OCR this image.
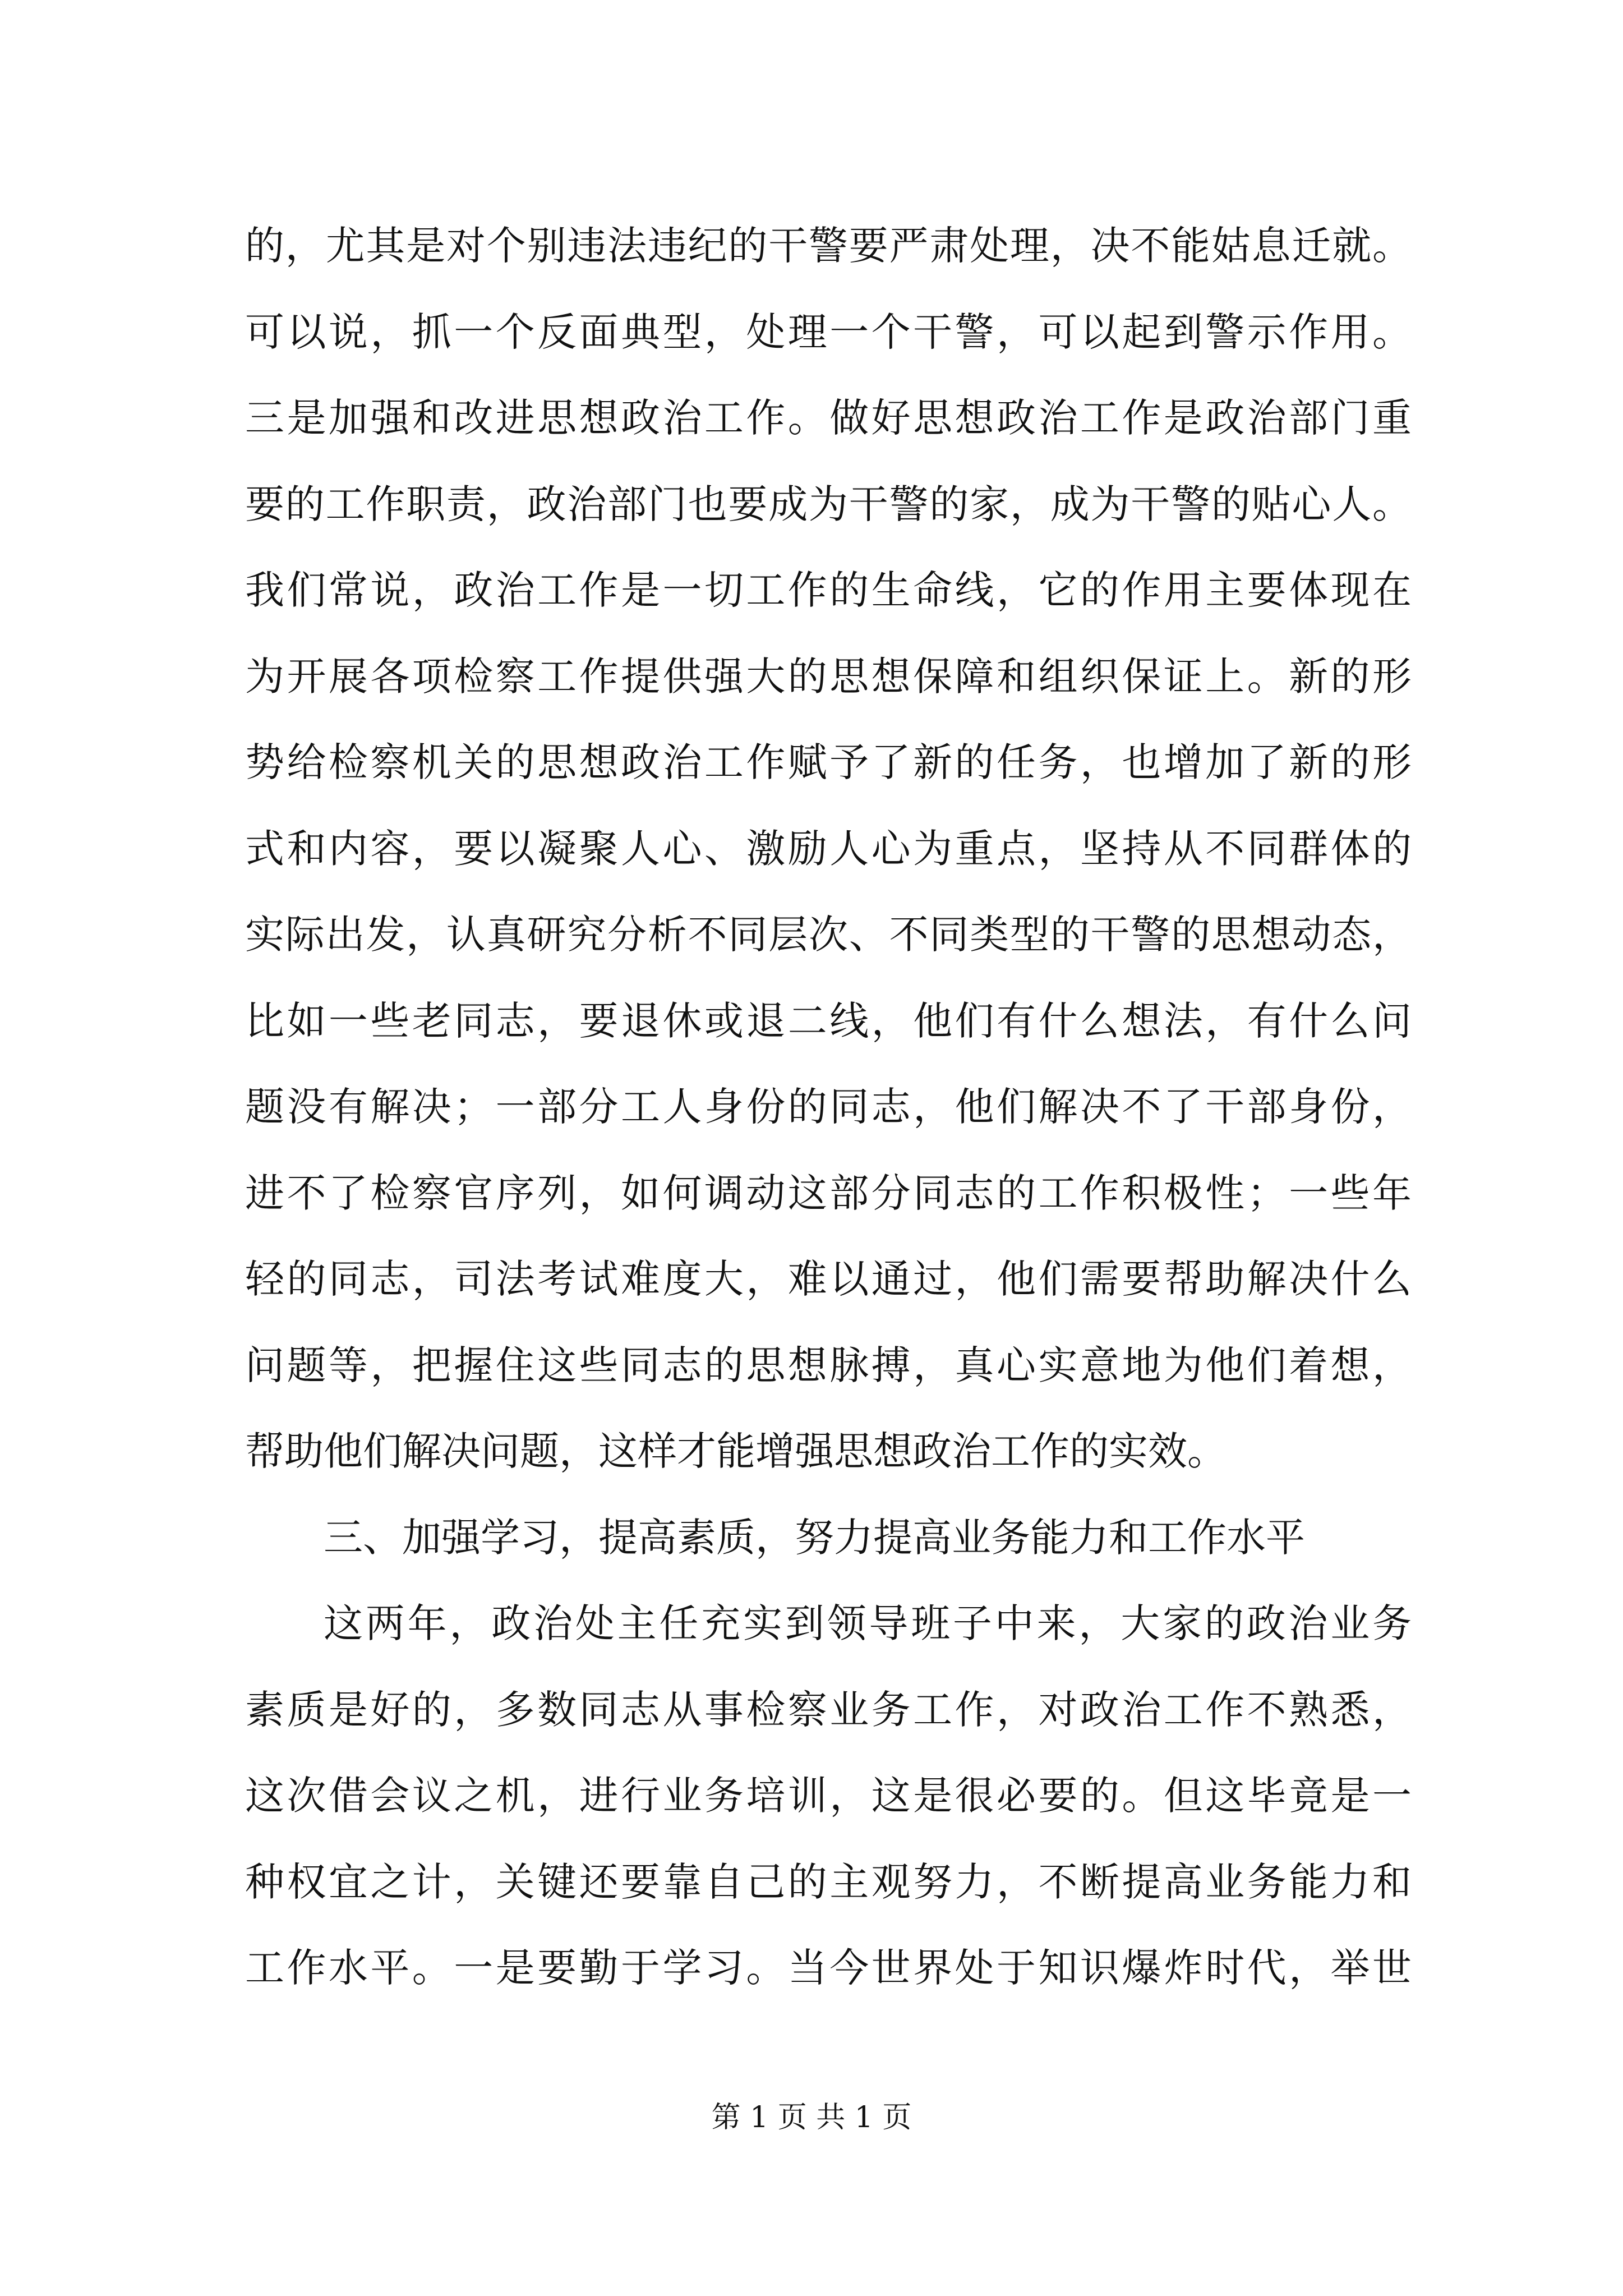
的，尤其是对个别违法违纪的干警要严肃处理，决不能姑息迁就。
可以说，抓一个反面典型，处理一个干警，可以起到警示作用。
三是加强和改进思想政治工作。做好思想政治工作是政治部门重
要的工作职责，政治部门也要成为干警的家，成为干警的贴心人。
我们常说，政治工作是一切工作的生命线，它的作用主要体现在
为开展各项检察工作提供强大的思想保障和组织保证上。新的形
势给检察机关的思想政治工作赋予了新的任务，也增加了新的形
式和内容，要以凝聚人心、激励人心为重点，坚持从不同群体的
实际出发，认真研究分析不同层次、不同类型的干警的思想动态，
比如一些老同志，要退休或退二线，他们有什么想法，有什么问
题没有解决；一部分工人身份的同志，他们解决不了干部身份，
进不了检察官序列，如何调动这部分同志的工作积极性；一些年
轻的同志，司法考试难度大，难以通过，他们需要帮助解决什么
问题等，把握住这些同志的思想脉搏，真心实意地为他们着想，
帮助他们解决问题，这样才能增强思想政治工作的实效。
三、加强学习，提高素质，努力提高业务能力和工作水平
这两年，政治处主任充实到领导班子中来，大家的政治业务
素质是好的，多数同志从事检察业务工作，对政治工作不熟悉，
这次借会议之机，进行业务培训，这是很必要的。但这毕竟是一
种权宜之计，关键还要靠自己的主观努力，不断提高业务能力和
工作水平。一是要勤于学习。当今世界处于知识爆炸时代，举世
第 1 页 共 1 页
